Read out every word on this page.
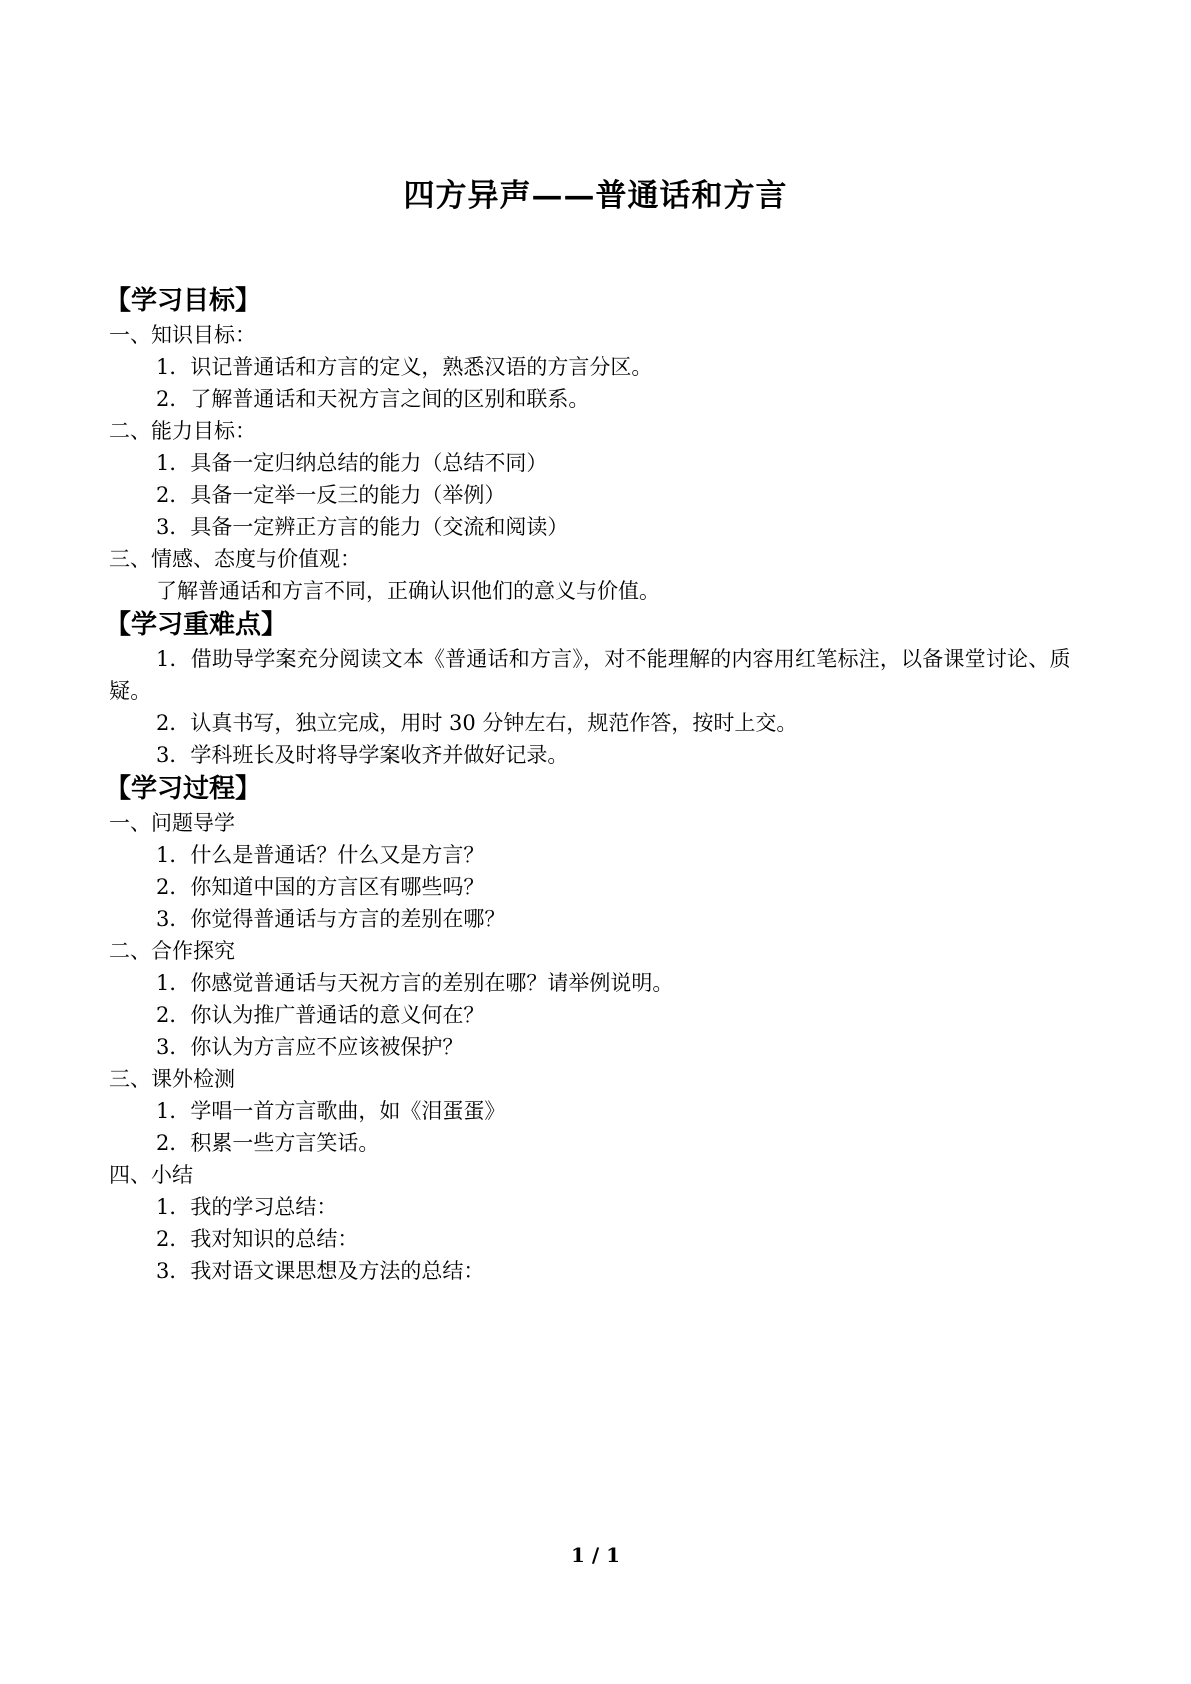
四方异声——普通话和方言
【学习目标】
一、知识目标：
1．识记普通话和方言的定义，熟悉汉语的方言分区。
2．了解普通话和天祝方言之间的区别和联系。
二、能力目标：
1．具备一定归纳总结的能力（总结不同）
2．具备一定举一反三的能力（举例）
3．具备一定辨正方言的能力（交流和阅读）
三、情感、态度与价值观：
了解普通话和方言不同，正确认识他们的意义与价值。
【学习重难点】
1．借助导学案充分阅读文本《普通话和方言》，对不能理解的内容用红笔标注，以备课堂讨论、质疑。
2．认真书写，独立完成，用时 30 分钟左右，规范作答，按时上交。
3．学科班长及时将导学案收齐并做好记录。
【学习过程】
一、问题导学
1．什么是普通话？什么又是方言？
2．你知道中国的方言区有哪些吗？
3．你觉得普通话与方言的差别在哪？
二、合作探究
1．你感觉普通话与天祝方言的差别在哪？请举例说明。
2．你认为推广普通话的意义何在？
3．你认为方言应不应该被保护？
三、课外检测
1．学唱一首方言歌曲，如《泪蛋蛋》
2．积累一些方言笑话。
四、小结
1．我的学习总结：
2．我对知识的总结：
3．我对语文课思想及方法的总结：
1 / 1
